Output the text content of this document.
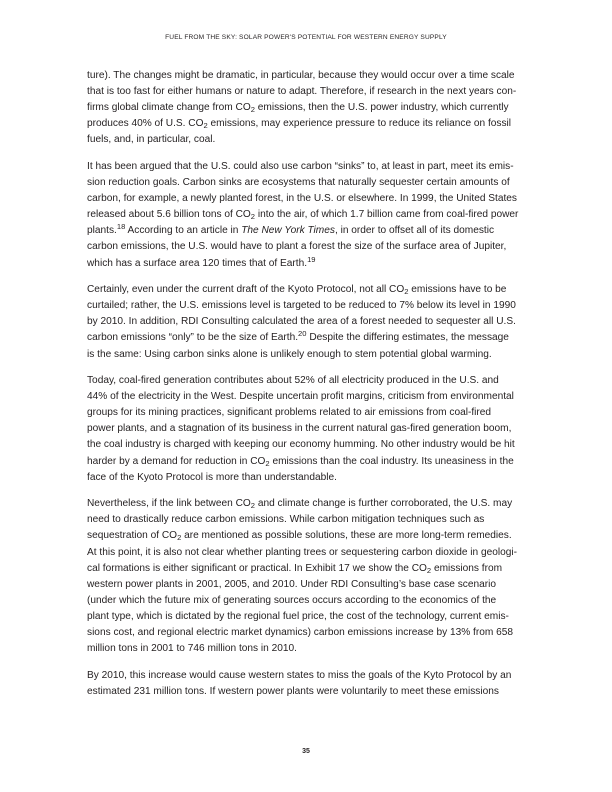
FUEL FROM THE SKY: SOLAR POWER'S POTENTIAL FOR WESTERN ENERGY SUPPLY

ture). The changes might be dramatic, in particular, because they would occur over a time scale that is too fast for either humans or nature to adapt. Therefore, if research in the next years con-firms global climate change from $CO_2$ emissions, then the U.S. power industry, which currently produces 40% of U.S. $CO_2$ emissions, may experience pressure to reduce its reliance on fossil fuels, and, in particular, coal.

It has been argued that the U.S. could also use carbon “sinks” to, at least in part, meet its emis-sion reduction goals. Carbon sinks are ecosystems that naturally sequester certain amounts of carbon, for example, a newly planted forest, in the U.S. or elsewhere. In 1999, the United States released about 5.6 billion tons of $CO_2$ into the air, of which 1.7 billion came from coal-fired power plants.$^{18}$ According to an article in The New York Times, in order to offset all of its domestic carbon emissions, the U.S. would have to plant a forest the size of the surface area of Jupiter, which has a surface area 120 times that of Earth.$^{19}$

Certainly, even under the current draft of the Kyoto Protocol, not all $CO_2$ emissions have to be curtailed; rather, the U.S. emissions level is targeted to be reduced to 7% below its level in 1990 by 2010. In addition, RDI Consulting calculated the area of a forest needed to sequester all U.S. carbon emissions “only” to be the size of Earth.$^{20}$ Despite the differing estimates, the message is the same: Using carbon sinks alone is unlikely enough to stem potential global warming.

Today, coal-fired generation contributes about 52% of all electricity produced in the U.S. and 44% of the electricity in the West. Despite uncertain profit margins, criticism from environmental groups for its mining practices, significant problems related to air emissions from coal-fired power plants, and a stagnation of its business in the current natural gas-fired generation boom, the coal industry is charged with keeping our economy humming. No other industry would be hit harder by a demand for reduction in $CO_2$ emissions than the coal industry. Its uneasiness in the face of the Kyoto Protocol is more than understandable.

Nevertheless, if the link between $CO_2$ and climate change is further corroborated, the U.S. may need to drastically reduce carbon emissions. While carbon mitigation techniques such as sequestration of $CO_2$ are mentioned as possible solutions, these are more long-term remedies. At this point, it is also not clear whether planting trees or sequestering carbon dioxide in geologi-cal formations is either significant or practical. In Exhibit 17 we show the $CO_2$ emissions from western power plants in 2001, 2005, and 2010. Under RDI Consulting’s base case scenario (under which the future mix of generating sources occurs according to the economics of the plant type, which is dictated by the regional fuel price, the cost of the technology, current emis-sions cost, and regional electric market dynamics) carbon emissions increase by 13% from 658 million tons in 2001 to 746 million tons in 2010.

By 2010, this increase would cause western states to miss the goals of the Kyto Protocol by an estimated 231 million tons. If western power plants were voluntarily to meet these emissions

35
